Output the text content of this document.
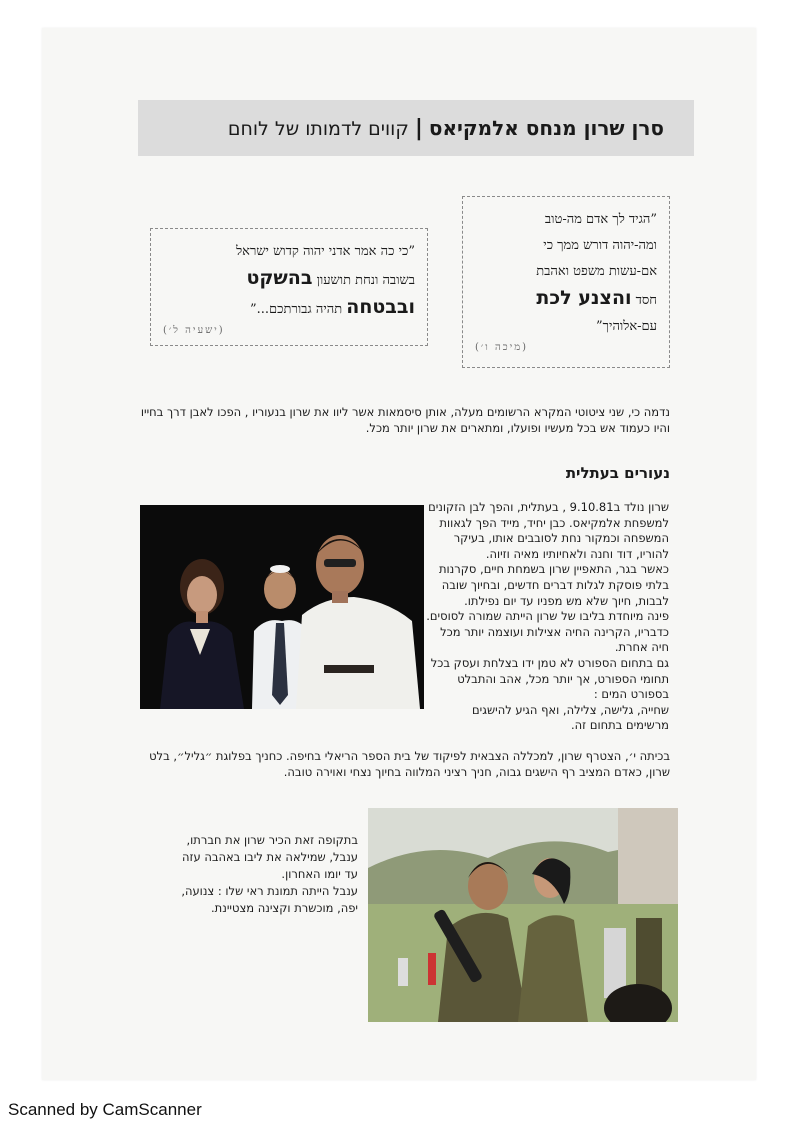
סרן שרון מנחס אלמקיאס|קווים לדמותו של לוחם
”הגיד לך אדם מה-טוב
ומה-יהוה דורש ממך כי
אם-עשות משפט ואהבת
חסד והצנע לכת
עם-אלוהיך”
(מיכה ו׳)
”כי כה אמר אדני יהוה קדוש ישראל
בשובה ונחת תושעון בהשקט
ובבטחה תהיה גבורתכם...”
(ישעיה ל׳)
נדמה כי, שני ציטוטי המקרא הרשומים מעלה, אותן סיסמאות אשר ליוו את שרון בנעוריו , הפכו לאבן דרך בחייו והיו כעמוד אש בכל מעשיו ופועלו, ומתארים את שרון יותר מכל.
נעורים בעתלית

שרון נולד ב9.10.81 , בעתלית, והפך לבן הזקונים למשפחת אלמקיאס. כבן יחיד, מייד הפך לגאוות המשפחה וכמקור נחת לסובבים אותו, בעיקר להוריו, דוד וחנה ולאחיותיו מאיה וזיוה.

כאשר בגר, התאפיין שרון בשמחת חיים, סקרנות בלתי פוסקת לגלות דברים חדשים, ובחיוך שובה לבבות, חיוך שלא מש מפניו עד יום נפילתו.

פינה מיוחדת בליבו של שרון הייתה שמורה לסוסים. כדבריו, הקרינה החיה אצילות ועוצמה יותר מכל חיה אחרת.

גם בתחום הספורט לא טמן ידו בצלחת ועסק בכל תחומי הספורט, אך יותר מכל, אהב והתבלט בספורט המים :

שחייה, גלישה, צלילה, ואף הגיע להישגים מרשימים בתחום זה.

בכיתה י׳, הצטרף שרון, למכללה הצבאית לפיקוד של בית הספר הריאלי בחיפה. כחניך בפלוגת ״גליל״, בלט שרון, כאדם המציב רף הישגים גבוה, חניך רציני המלווה בחיוך נצחי ואוירה טובה.

בתקופה זאת הכיר שרון את חברתו, ענבל, שמילאה את ליבו באהבה עזה עד יומו האחרון.

ענבל הייתה תמונת ראי שלו : צנועה, יפה, מוכשרת וקצינה מצטיינת.

Scanned by CamScanner
